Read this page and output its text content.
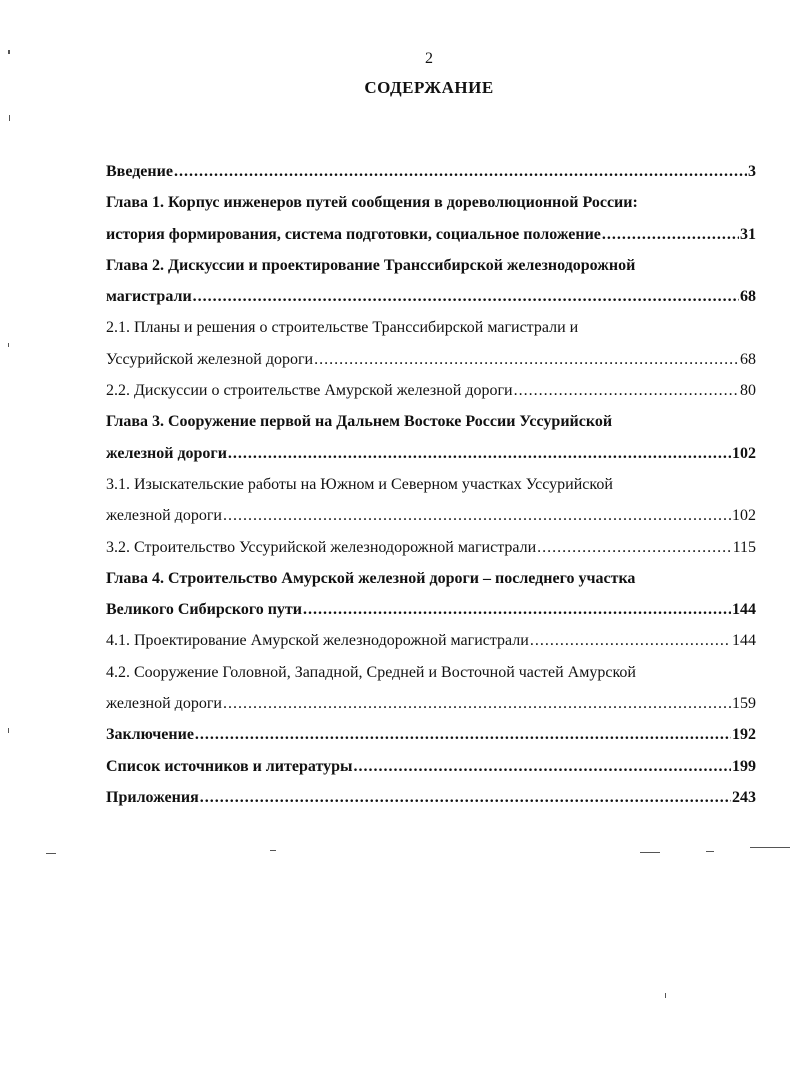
2
СОДЕРЖАНИЕ
Введение .....	3
Глава 1. Корпус инженеров путей сообщения в дореволюционной России:
история формирования, система подготовки, социальное положение .....	31
Глава 2. Дискуссии и проектирование Транссибирской железнодорожной
магистрали .....	68
2.1. Планы и решения о строительстве Транссибирской магистрали и
Уссурийской железной дороги .....	68
2.2. Дискуссии о строительстве Амурской железной дороги .....	80
Глава 3. Сооружение первой на Дальнем Востоке России Уссурийской
железной дороги .....	102
3.1. Изыскательские работы на Южном и Северном участках Уссурийской
железной дороги .....	102
3.2. Строительство Уссурийской железнодорожной магистрали .....	115
Глава 4. Строительство Амурской железной дороги – последнего участка
Великого Сибирского пути .....	144
4.1. Проектирование Амурской железнодорожной магистрали .....	144
4.2. Сооружение Головной, Западной, Средней и Восточной частей Амурской
железной дороги .....	159
Заключение .....	192
Список источников и литературы .....	199
Приложения .....	243
